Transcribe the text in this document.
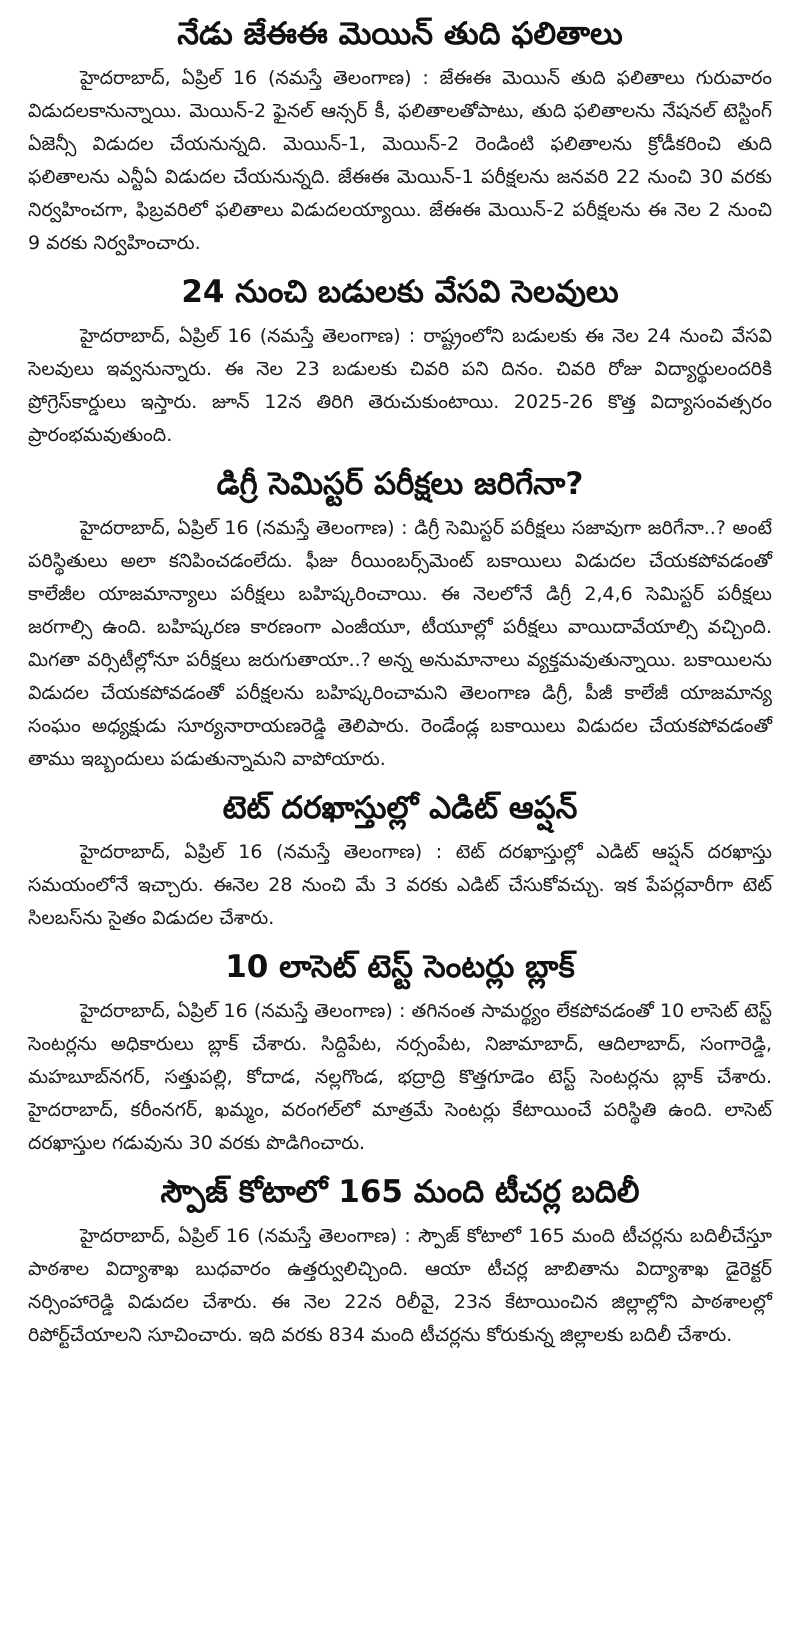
నేడు జేఈఈ మెయిన్ తుది ఫలితాలు

హైదరాబాద్, ఏప్రిల్ 16 (నమస్తే తెలంగాణ) : జేఈఈ మెయిన్ తుది ఫలితాలు గురువారం విడుదలకానున్నాయి. మెయిన్-2 ఫైనల్ ఆన్సర్ కీ, ఫలితాలతోపాటు, తుది ఫలితాలను నేషనల్ టెస్టింగ్ ఏజెన్సీ విడుదల చేయనున్నది. మెయిన్-1, మెయిన్-2 రెండింటి ఫలితాలను క్రోడీకరించి తుది ఫలితాలను ఎన్టీఏ విడుదల చేయనున్నది. జేఈఈ మెయిన్-1 పరీక్షలను జనవరి 22 నుంచి 30 వరకు నిర్వహించగా, ఫిబ్రవరిలో ఫలితాలు విడుదలయ్యాయి. జేఈఈ మెయిన్-2 పరీక్షలను ఈ నెల 2 నుంచి 9 వరకు నిర్వహించారు.

24 నుంచి బడులకు వేసవి సెలవులు

హైదరాబాద్, ఏప్రిల్ 16 (నమస్తే తెలంగాణ) : రాష్ట్రంలోని బడులకు ఈ నెల 24 నుంచి వేసవి సెలవులు ఇవ్వనున్నారు. ఈ నెల 23 బడులకు చివరి పని దినం. చివరి రోజు విద్యార్థులందరికి ప్రోగ్రెస్‌కార్డులు ఇస్తారు. జూన్ 12న తిరిగి తెరుచుకుంటాయి. 2025-26 కొత్త విద్యాసంవత్సరం ప్రారంభమవుతుంది.

డిగ్రీ సెమిస్టర్ పరీక్షలు జరిగేనా?

హైదరాబాద్, ఏప్రిల్ 16 (నమస్తే తెలంగాణ) : డిగ్రీ సెమిస్టర్ పరీక్షలు సజావుగా జరిగేనా..? అంటే పరిస్థితులు అలా కనిపించడంలేదు. ఫీజు రీయింబర్స్‌మెంట్ బకాయిలు విడుదల చేయకపోవడంతో కాలేజీల యాజమాన్యాలు పరీక్షలు బహిష్కరించాయి. ఈ నెలలోనే డిగ్రీ 2,4,6 సెమిస్టర్ పరీక్షలు జరగాల్సి ఉంది. బహిష్కరణ కారణంగా ఎంజీయూ, టీయూల్లో పరీక్షలు వాయిదావేయాల్సి వచ్చింది. మిగతా వర్సిటీల్లోనూ పరీక్షలు జరుగుతాయా..? అన్న అనుమానాలు వ్యక్తమవుతున్నాయి. బకాయిలను విడుదల చేయకపోవడంతో పరీక్షలను బహిష్కరించామని తెలంగాణ డిగ్రీ, పీజీ కాలేజీ యాజమాన్య సంఘం అధ్యక్షుడు సూర్యనారాయణరెడ్డి తెలిపారు. రెండేండ్ల బకాయిలు విడుదల చేయకపోవడంతో తాము ఇబ్బందులు పడుతున్నామని వాపోయారు.

టెట్ దరఖాస్తుల్లో ఎడిట్ ఆప్షన్

హైదరాబాద్, ఏప్రిల్ 16 (నమస్తే తెలంగాణ) : టెట్ దరఖాస్తుల్లో ఎడిట్ ఆప్షన్ దరఖాస్తు సమయంలోనే ఇచ్చారు. ఈనెల 28 నుంచి మే 3 వరకు ఎడిట్ చేసుకోవచ్చు. ఇక పేపర్లవారీగా టెట్ సిలబస్‌ను సైతం విడుదల చేశారు.

10 లాసెట్ టెస్ట్ సెంటర్లు బ్లాక్

హైదరాబాద్, ఏప్రిల్ 16 (నమస్తే తెలంగాణ) : తగినంత సామర్థ్యం లేకపోవడంతో 10 లాసెట్ టెస్ట్ సెంటర్లను అధికారులు బ్లాక్ చేశారు. సిద్దిపేట, నర్సంపేట, నిజామాబాద్, ఆదిలాబాద్, సంగారెడ్డి, మహబూబ్‌నగర్, సత్తుపల్లి, కోదాడ, నల్లగొండ, భద్రాద్రి కొత్తగూడెం టెస్ట్ సెంటర్లను బ్లాక్ చేశారు. హైదరాబాద్, కరీంనగర్, ఖమ్మం, వరంగల్‌లో మాత్రమే సెంటర్లు కేటాయించే పరిస్థితి ఉంది. లాసెట్ దరఖాస్తుల గడువును 30 వరకు పొడిగించారు.

స్పౌజ్ కోటాలో 165 మంది టీచర్ల బదిలీ

హైదరాబాద్, ఏప్రిల్ 16 (నమస్తే తెలంగాణ) : స్పౌజ్ కోటాలో 165 మంది టీచర్లను బదిలీచేస్తూ పాఠశాల విద్యాశాఖ బుధవారం ఉత్తర్వులిచ్చింది. ఆయా టీచర్ల జాబితాను విద్యాశాఖ డైరెక్టర్ నర్సింహారెడ్డి విడుదల చేశారు. ఈ నెల 22న రిలీవై, 23న కేటాయించిన జిల్లాల్లోని పాఠశాలల్లో రిపోర్ట్‌చేయాలని సూచించారు. ఇది వరకు 834 మంది టీచర్లను కోరుకున్న జిల్లాలకు బదిలీ చేశారు.
